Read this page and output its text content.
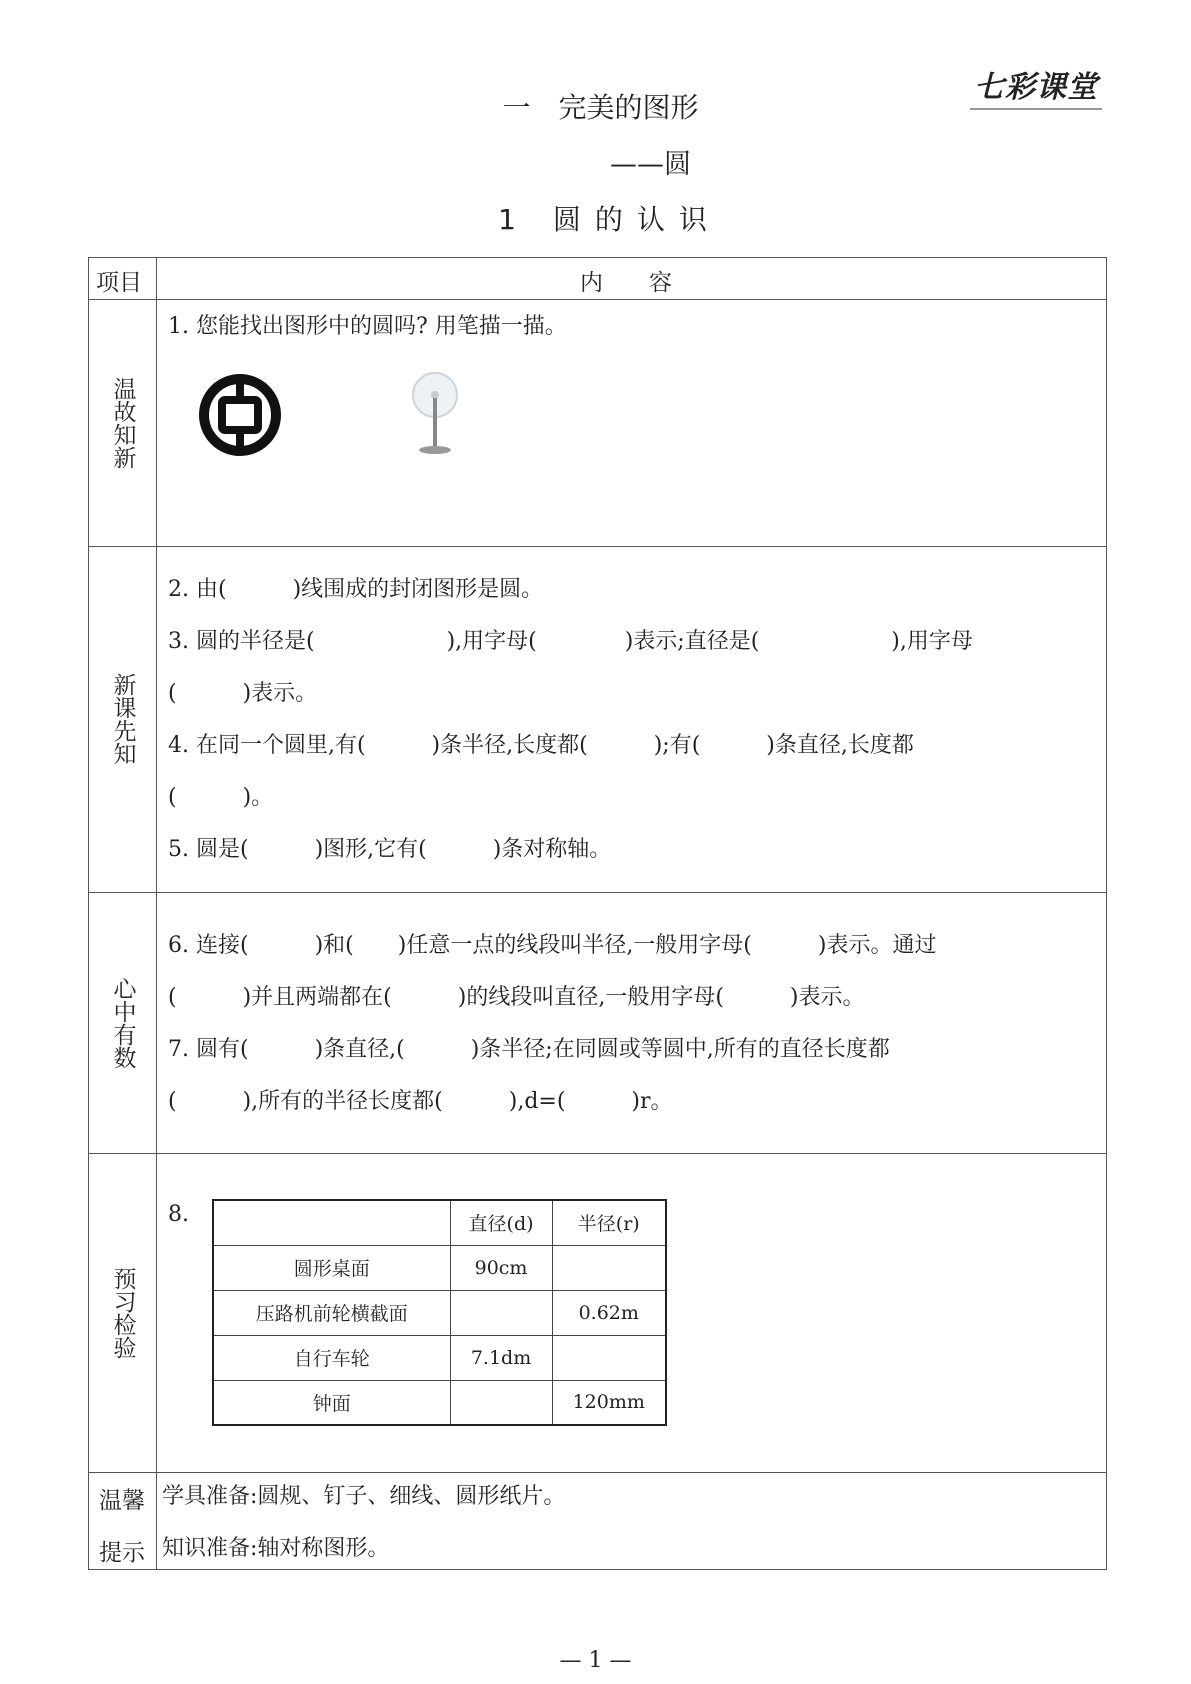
七彩课堂
一　完美的图形
——圆
1 圆的认识
项目	内　　容
温故知新
1. 您能找出图形中的圆吗? 用笔描一描。
新课先知
2. 由(　　　)线围成的封闭图形是圆。
3. 圆的半径是(　　　　　　),用字母(　　　　)表示;直径是(　　　　　　),用字母
(　　　)表示。
4. 在同一个圆里,有(　　　)条半径,长度都(　　　);有(　　　)条直径,长度都
(　　　)。
5. 圆是(　　　)图形,它有(　　　)条对称轴。
心中有数
6. 连接(　　　)和(　　)任意一点的线段叫半径,一般用字母(　　　)表示。通过
(　　　)并且两端都在(　　　)的线段叫直径,一般用字母(　　　)表示。
7. 圆有(　　　)条直径,(　　　)条半径;在同圆或等圆中,所有的直径长度都
(　　　),所有的半径长度都(　　　),d=(　　　)r。
预习检验
8.
		直径(d)	半径(r)
圆形桌面	90cm	
压路机前轮横截面		0.62m
自行车轮	7.1dm	
钟面		120mm
温馨
提示
学具准备:圆规、钉子、细线、圆形纸片。
知识准备:轴对称图形。
— 1 —
